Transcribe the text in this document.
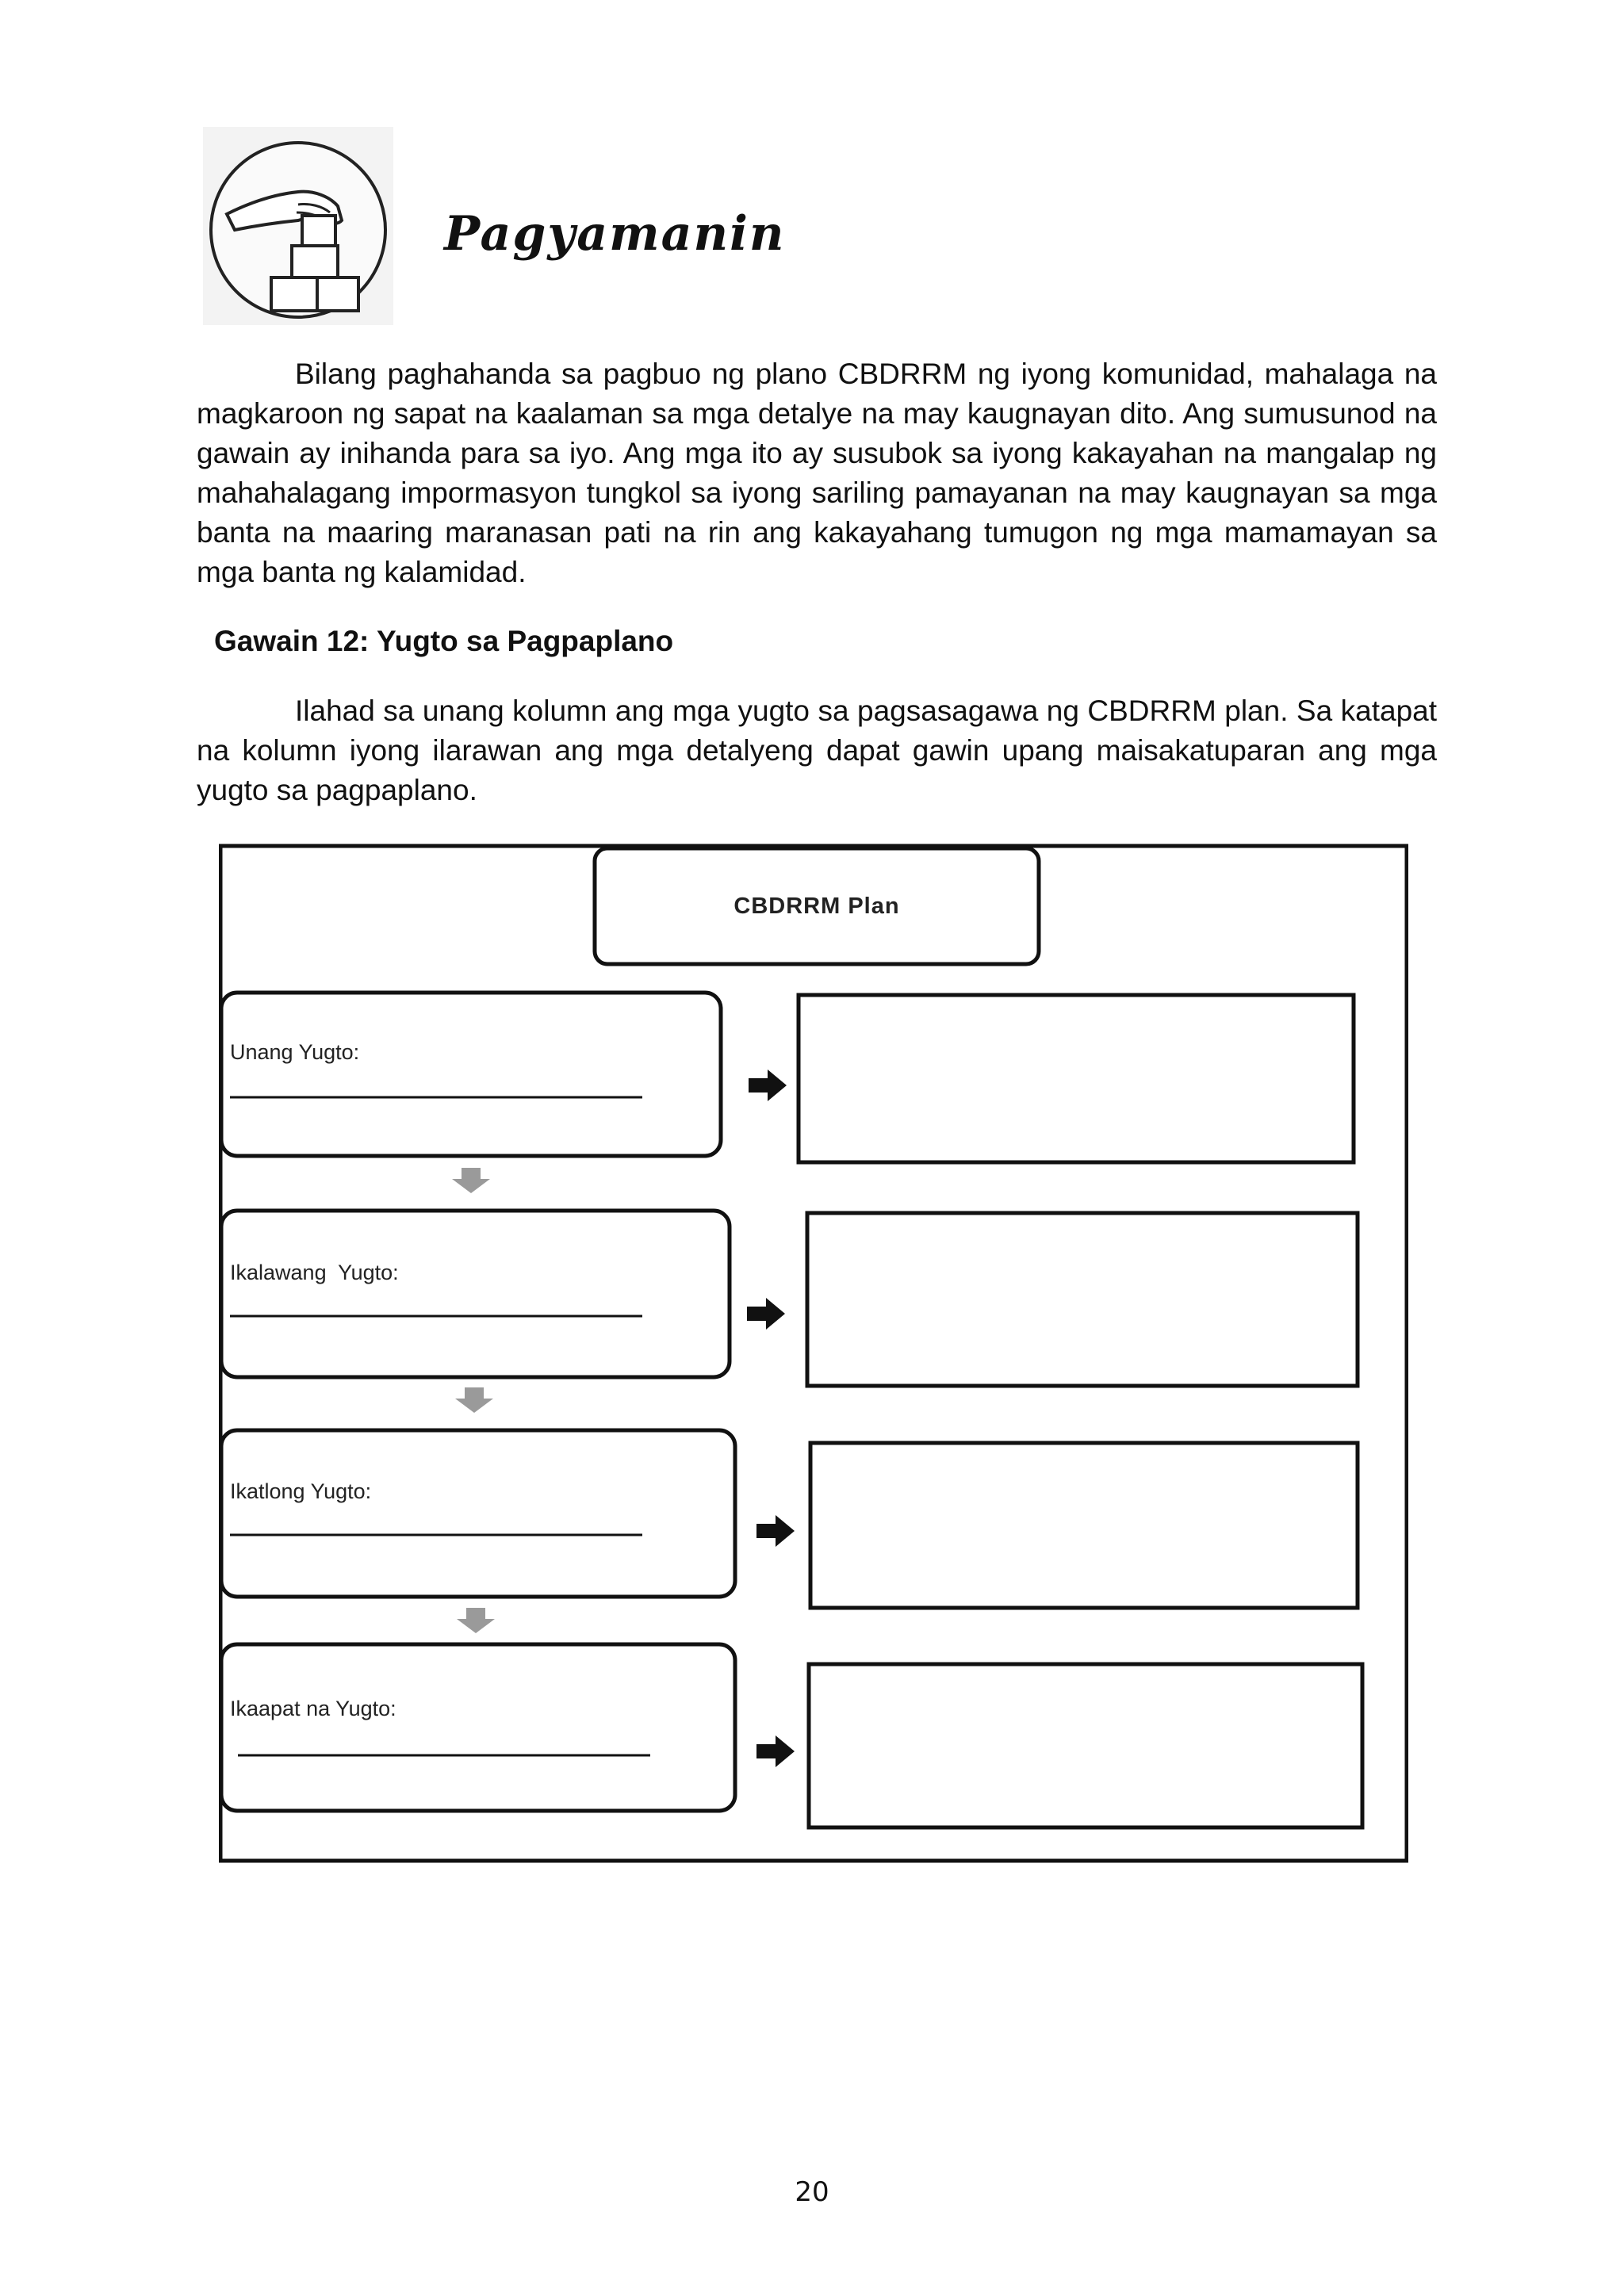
Pagyamanin

Bilang paghahanda sa pagbuo ng plano CBDRRM ng iyong komunidad, mahalaga na magkaroon ng sapat na kaalaman sa mga detalye na may kaugnayan dito. Ang sumusunod na gawain ay inihanda para sa iyo. Ang mga ito ay susubok sa iyong kakayahan na mangalap ng mahahalagang impormasyon tungkol sa iyong sariling pamayanan na may kaugnayan sa mga banta na maaring maranasan pati na rin ang kakayahang tumugon ng mga mamamayan sa mga banta ng kalamidad.

Gawain 12: Yugto sa Pagpaplano

Ilahad sa unang kolumn ang mga yugto sa pagsasagawa ng CBDRRM plan. Sa katapat na kolumn iyong ilarawan ang mga detalyeng dapat gawin upang maisakatuparan ang mga yugto sa pagpaplano.

CBDRRM Plan
Unang Yugto:
Ikalawang  Yugto:
Ikatlong Yugto:
Ikaapat na Yugto:
20
